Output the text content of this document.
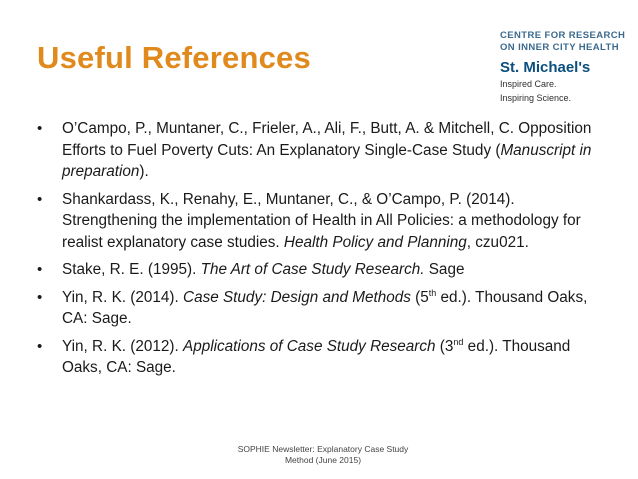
Useful References
CENTRE FOR RESEARCH
ON INNER CITY HEALTH
St. Michael's
Inspired Care.
Inspiring Science.
• O’Campo, P., Muntaner, C., Frieler, A., Ali, F., Butt, A. & Mitchell, C. Opposition Efforts to Fuel Poverty Cuts: An Explanatory Single-Case Study (Manuscript in preparation).
• Shankardass, K., Renahy, E., Muntaner, C., & O’Campo, P. (2014). Strengthening the implementation of Health in All Policies: a methodology for realist explanatory case studies. Health Policy and Planning, czu021.
• Stake, R. E. (1995). The Art of Case Study Research. Sage
• Yin, R. K. (2014). Case Study: Design and Methods (5th ed.). Thousand Oaks, CA: Sage.
• Yin, R. K. (2012). Applications of Case Study Research (3nd ed.). Thousand Oaks, CA: Sage.
SOPHIE Newsletter: Explanatory Case Study
Method (June 2015)
